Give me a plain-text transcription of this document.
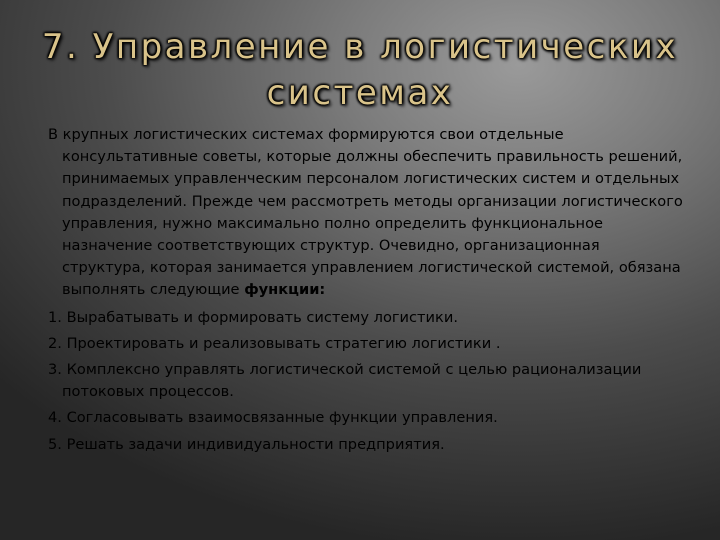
7. Управление в логистических системах

В крупных логистических системах формируются свои отдельные консультативные советы, которые должны обеспечить правильность решений, принимаемых управленческим персоналом логистических систем и отдельных подразделений. Прежде чем рассмотреть методы организации логистического управления, нужно максимально полно определить функциональное назначение соответствующих структур. Очевидно, организационная структура, которая занимается управлением логистической системой, обязана выполнять следующие функции:

1. Вырабатывать и формировать систему логистики.

2. Проектировать и реализовывать стратегию логистики .

3. Комплексно управлять логистической системой с целью рационализации потоковых процессов.

4. Согласовывать взаимосвязанные функции управления.

5. Решать задачи индивидуальности предприятия.
